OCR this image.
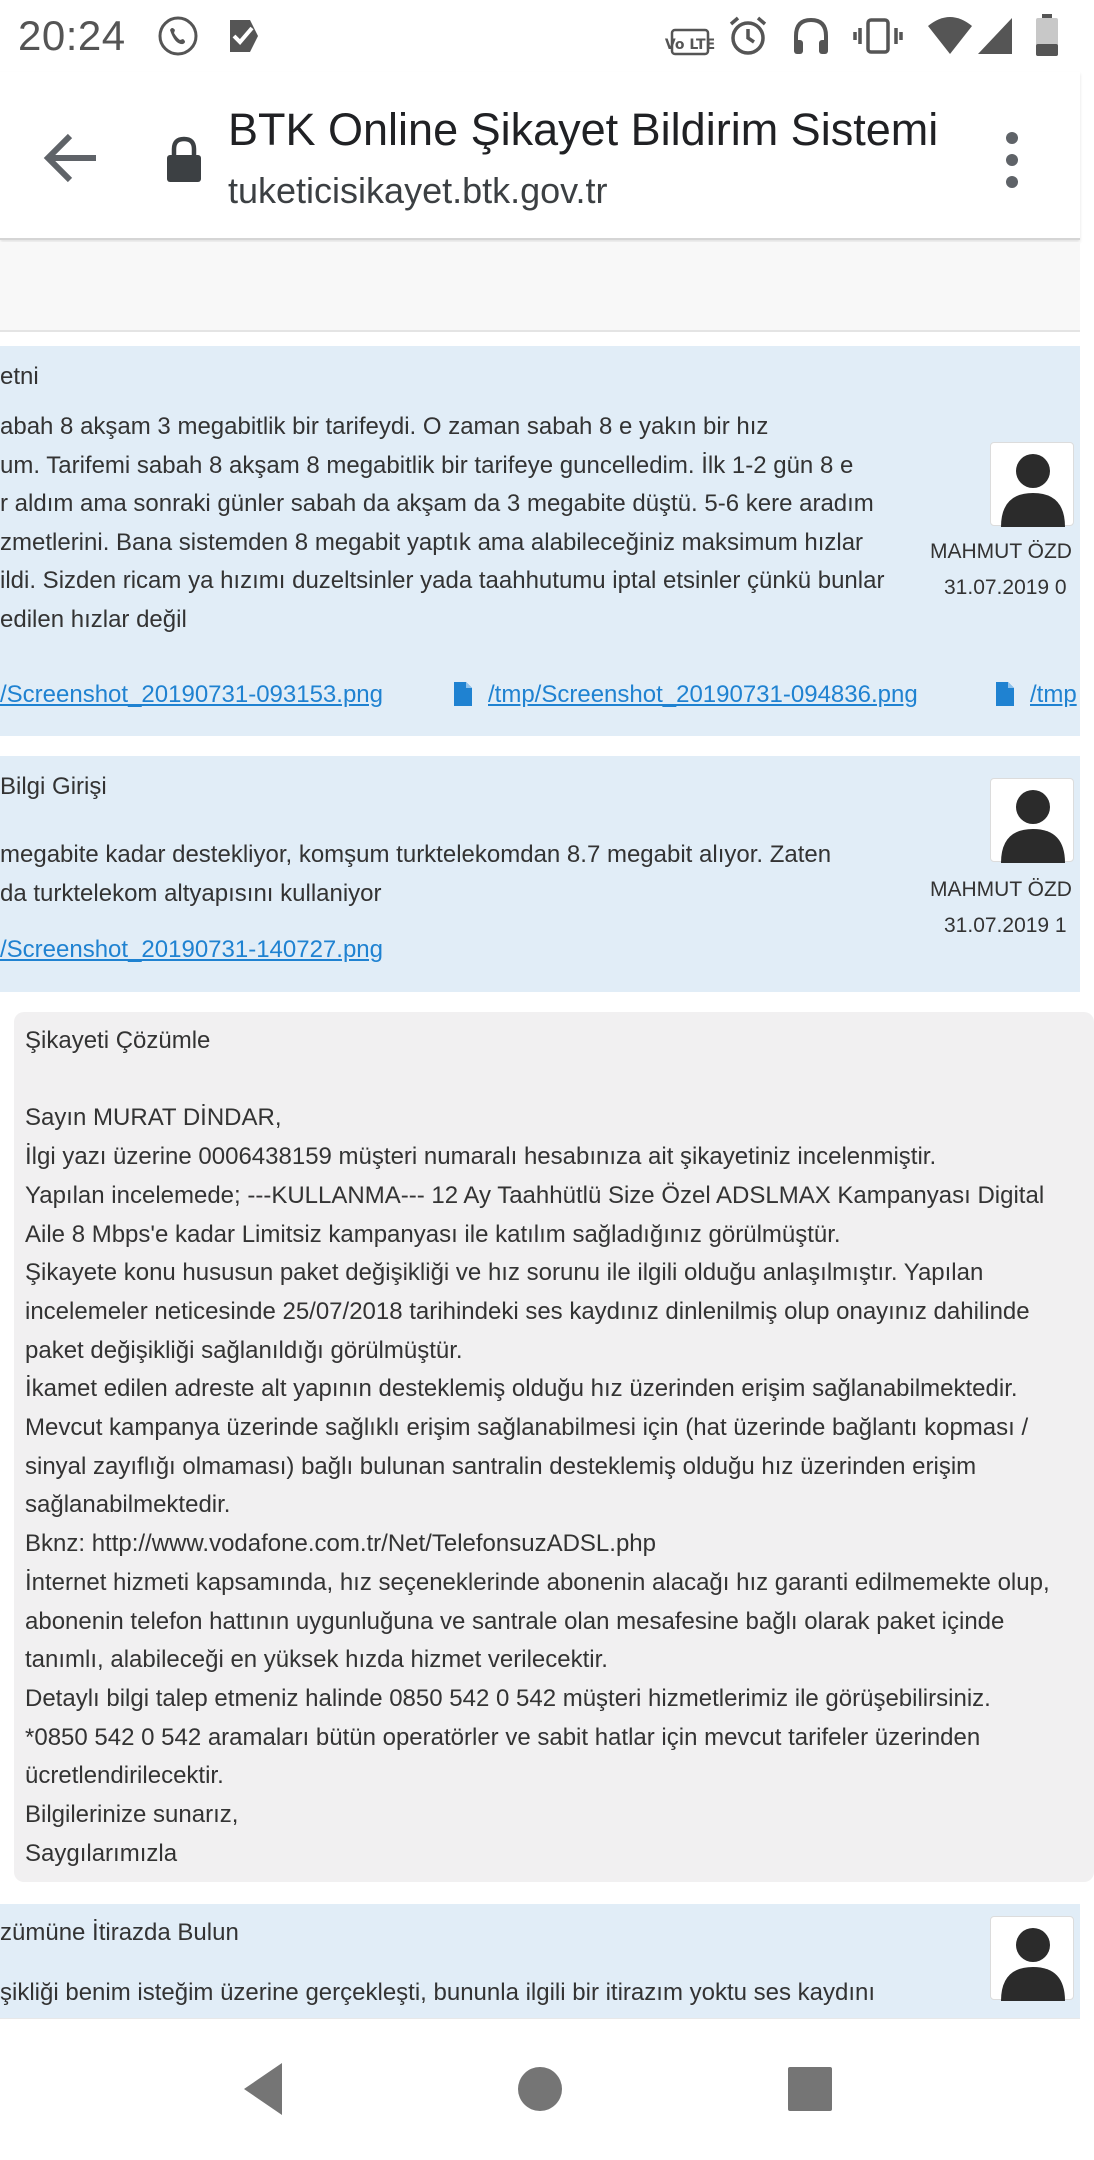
20:24	Vo LTE
BTK Online Şikayet Bildirim Sistemi
tuketicisikayet.btk.gov.tr
etni
abah 8 akşam 3 megabitlik bir tarifeydi. O zaman sabah 8 e yakın bir hız
um. Tarifemi sabah 8 akşam 8 megabitlik bir tarifeye guncelledim. İlk 1-2 gün 8 e
r aldım ama sonraki günler sabah da akşam da 3 megabite düştü. 5-6 kere aradım
zmetlerini. Bana sistemden 8 megabit yaptık ama alabileceğiniz maksimum hızlar
ildi. Sizden ricam ya hızımı duzeltsinler yada taahhutumu iptal etsinler çünkü bunlar
edilen hızlar değil
/Screenshot_20190731-093153.png	/tmp/Screenshot_20190731-094836.png	/tmp
MAHMUT ÖZD
31.07.2019 0
Bilgi Girişi
megabite kadar destekliyor, komşum turktelekomdan 8.7 megabit alıyor. Zaten
da turktelekom altyapısını kullaniyor
/Screenshot_20190731-140727.png
MAHMUT ÖZD
31.07.2019 1
Şikayeti Çözümle
Sayın MURAT DİNDAR,
İlgi yazı üzerine 0006438159 müşteri numaralı hesabınıza ait şikayetiniz incelenmiştir.
Yapılan incelemede; ---KULLANMA--- 12 Ay Taahhütlü Size Özel ADSLMAX Kampanyası Digital
Aile 8 Mbps'e kadar Limitsiz kampanyası ile katılım sağladığınız görülmüştür.
Şikayete konu hususun paket değişikliği ve hız sorunu ile ilgili olduğu anlaşılmıştır. Yapılan
incelemeler neticesinde 25/07/2018 tarihindeki ses kaydınız dinlenilmiş olup onayınız dahilinde
paket değişikliği sağlanıldığı görülmüştür.
İkamet edilen adreste alt yapının desteklemiş olduğu hız üzerinden erişim sağlanabilmektedir.
Mevcut kampanya üzerinde sağlıklı erişim sağlanabilmesi için (hat üzerinde bağlantı kopması /
sinyal zayıflığı olmaması) bağlı bulunan santralin desteklemiş olduğu hız üzerinden erişim
sağlanabilmektedir.
Bknz: http://www.vodafone.com.tr/Net/TelefonsuzADSL.php
İnternet hizmeti kapsamında, hız seçeneklerinde abonenin alacağı hız garanti edilmemekte olup,
abonenin telefon hattının uygunluğuna ve santrale olan mesafesine bağlı olarak paket içinde
tanımlı, alabileceği en yüksek hızda hizmet verilecektir.
Detaylı bilgi talep etmeniz halinde 0850 542 0 542 müşteri hizmetlerimiz ile görüşebilirsiniz.
*0850 542 0 542 aramaları bütün operatörler ve sabit hatlar için mevcut tarifeler üzerinden
ücretlendirilecektir.
Bilgilerinize sunarız,
Saygılarımızla
zümüne İtirazda Bulun
şikliği benim isteğim üzerine gerçekleşti, bununla ilgili bir itirazım yoktu ses kaydını
